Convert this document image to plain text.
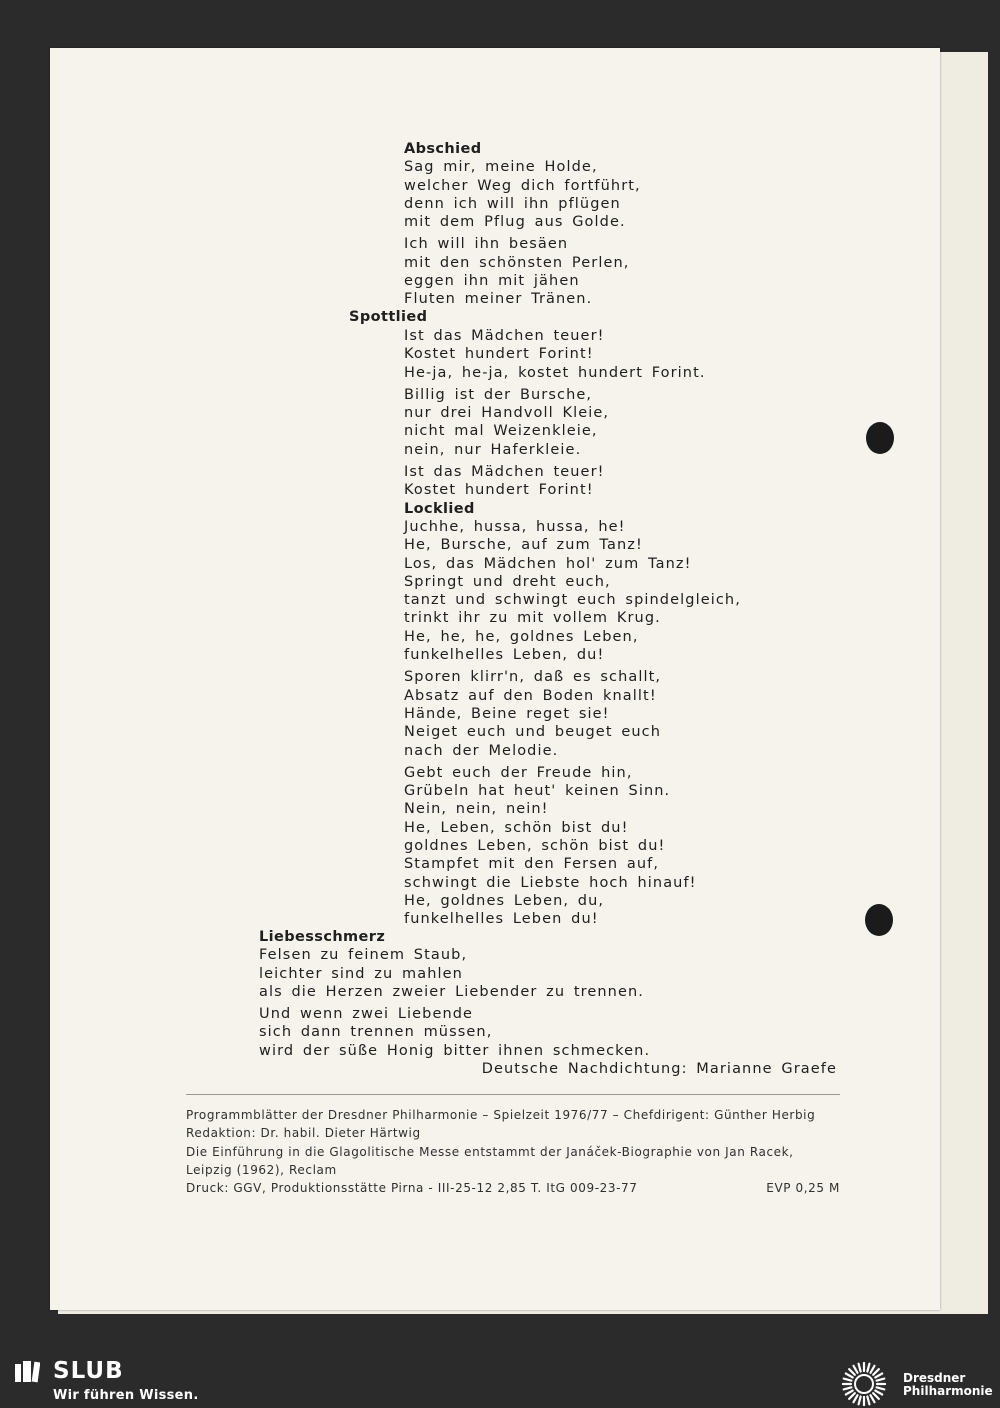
Abschied
Sag mir, meine Holde,
welcher Weg dich fortführt,
denn ich will ihn pflügen
mit dem Pflug aus Golde.
Ich will ihn besäen
mit den schönsten Perlen,
eggen ihn mit jähen
Fluten meiner Tränen.
Spottlied
Ist das Mädchen teuer!
Kostet hundert Forint!
He-ja, he-ja, kostet hundert Forint.
Billig ist der Bursche,
nur drei Handvoll Kleie,
nicht mal Weizenkleie,
nein, nur Haferkleie.
Ist das Mädchen teuer!
Kostet hundert Forint!
Locklied
Juchhe, hussa, hussa, he!
He, Bursche, auf zum Tanz!
Los, das Mädchen hol' zum Tanz!
Springt und dreht euch,
tanzt und schwingt euch spindelgleich,
trinkt ihr zu mit vollem Krug.
He, he, he, goldnes Leben,
funkelhelles Leben, du!
Sporen klirr'n, daß es schallt,
Absatz auf den Boden knallt!
Hände, Beine reget sie!
Neiget euch und beuget euch
nach der Melodie.
Gebt euch der Freude hin,
Grübeln hat heut' keinen Sinn.
Nein, nein, nein!
He, Leben, schön bist du!
goldnes Leben, schön bist du!
Stampfet mit den Fersen auf,
schwingt die Liebste hoch hinauf!
He, goldnes Leben, du,
funkelhelles Leben du!
Liebesschmerz
Felsen zu feinem Staub,
leichter sind zu mahlen
als die Herzen zweier Liebender zu trennen.
Und wenn zwei Liebende
sich dann trennen müssen,
wird der süße Honig bitter ihnen schmecken.
Deutsche Nachdichtung: Marianne Graefe
Programmblätter der Dresdner Philharmonie – Spielzeit 1976/77 – Chefdirigent: Günther Herbig
Redaktion: Dr. habil. Dieter Härtwig
Die Einführung in die Glagolitische Messe entstammt der Janáček-Biographie von Jan Racek,
Leipzig (1962), Reclam
Druck: GGV, Produktionsstätte Pirna - III-25-12 2,85 T. ItG 009-23-77	EVP 0,25 M
SLUB
Wir führen Wissen.
Dresdner
Philharmonie
